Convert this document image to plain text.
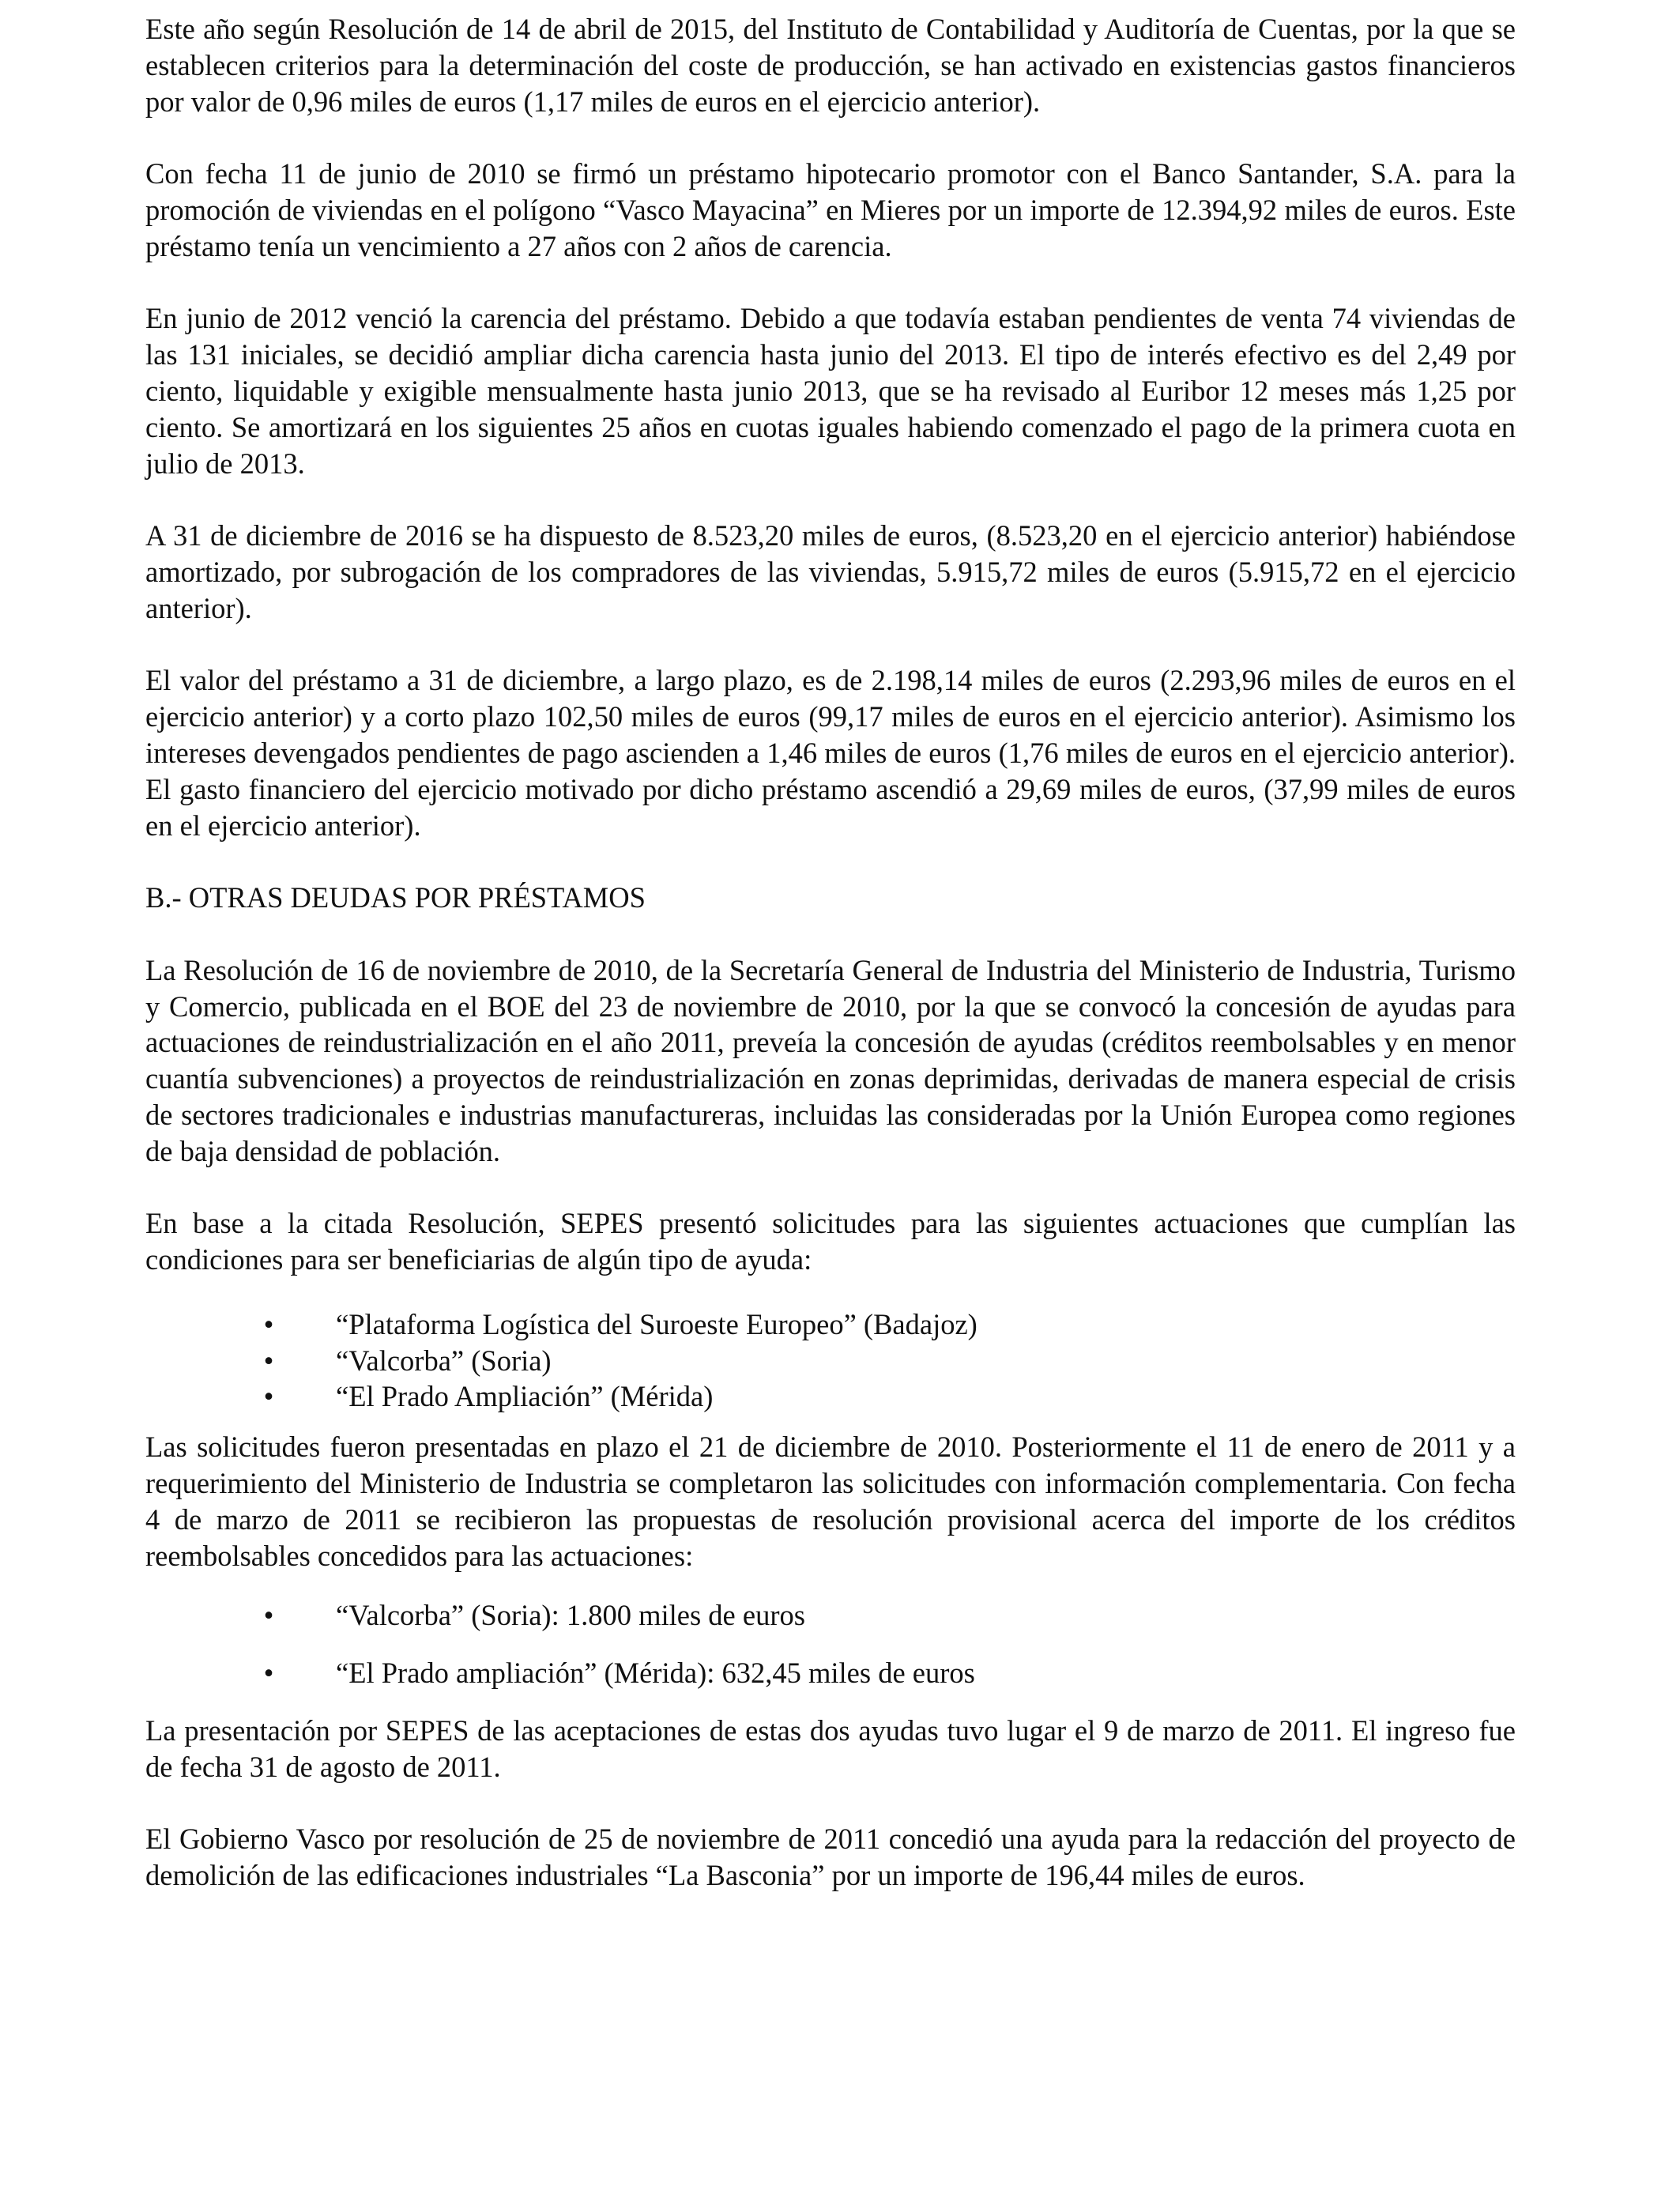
Este año según Resolución de 14 de abril de 2015, del Instituto de Contabilidad y Auditoría de Cuentas, por la que se establecen criterios para la determinación del coste de producción, se han activado en existencias gastos financieros por valor de 0,96 miles de euros (1,17 miles de euros en el ejercicio anterior).

Con fecha 11 de junio de 2010 se firmó un préstamo hipotecario promotor con el Banco Santander, S.A. para la promoción de viviendas en el polígono “Vasco Mayacina” en Mieres por un importe de 12.394,92 miles de euros. Este préstamo tenía un vencimiento a 27 años con 2 años de carencia.

En junio de 2012 venció la carencia del préstamo. Debido a que todavía estaban pendientes de venta 74 viviendas de las 131 iniciales, se decidió ampliar dicha carencia hasta junio del 2013. El tipo de interés efectivo es del 2,49 por ciento, liquidable y exigible mensualmente hasta junio 2013, que se ha revisado al Euribor 12 meses más 1,25 por ciento. Se amortizará en los siguientes 25 años en cuotas iguales habiendo comenzado el pago de la primera cuota en julio de 2013.

A 31 de diciembre de 2016 se ha dispuesto de 8.523,20 miles de euros, (8.523,20 en el ejercicio anterior) habiéndose amortizado, por subrogación de los compradores de las viviendas, 5.915,72 miles de euros (5.915,72 en el ejercicio anterior).

El valor del préstamo a 31 de diciembre, a largo plazo, es de 2.198,14 miles de euros (2.293,96 miles de euros en el ejercicio anterior) y a corto plazo 102,50 miles de euros (99,17 miles de euros en el ejercicio anterior). Asimismo los intereses devengados pendientes de pago ascienden a 1,46 miles de euros (1,76 miles de euros en el ejercicio anterior). El gasto financiero del ejercicio motivado por dicho préstamo ascendió a 29,69 miles de euros, (37,99 miles de euros en el ejercicio anterior).

B.- OTRAS DEUDAS POR PRÉSTAMOS

La Resolución de 16 de noviembre de 2010, de la Secretaría General de Industria del Ministerio de Industria, Turismo y Comercio, publicada en el BOE del 23 de noviembre de 2010, por la que se convocó la concesión de ayudas para actuaciones de reindustrialización en el año 2011, preveía la concesión de ayudas (créditos reembolsables y en menor cuantía subvenciones) a proyectos de reindustrialización en zonas deprimidas, derivadas de manera especial de crisis de sectores tradicionales e industrias manufactureras, incluidas las consideradas por la Unión Europea como regiones de baja densidad de población.

En base a la citada Resolución, SEPES presentó solicitudes para las siguientes actuaciones que cumplían las condiciones para ser beneficiarias de algún tipo de ayuda:

• “Plataforma Logística del Suroeste Europeo” (Badajoz)
• “Valcorba” (Soria)
• “El Prado Ampliación” (Mérida)

Las solicitudes fueron presentadas en plazo el 21 de diciembre de 2010. Posteriormente el 11 de enero de 2011 y a requerimiento del Ministerio de Industria se completaron las solicitudes con información complementaria. Con fecha 4 de marzo de 2011 se recibieron las propuestas de resolución provisional acerca del importe de los créditos reembolsables concedidos para las actuaciones:

• “Valcorba” (Soria): 1.800 miles de euros
• “El Prado ampliación” (Mérida): 632,45 miles de euros

La presentación por SEPES de las aceptaciones de estas dos ayudas tuvo lugar el 9 de marzo de 2011. El ingreso fue de fecha 31 de agosto de 2011.

El Gobierno Vasco por resolución de 25 de noviembre de 2011 concedió una ayuda para la redacción del proyecto de demolición de las edificaciones industriales “La Basconia” por un importe de 196,44 miles de euros.
